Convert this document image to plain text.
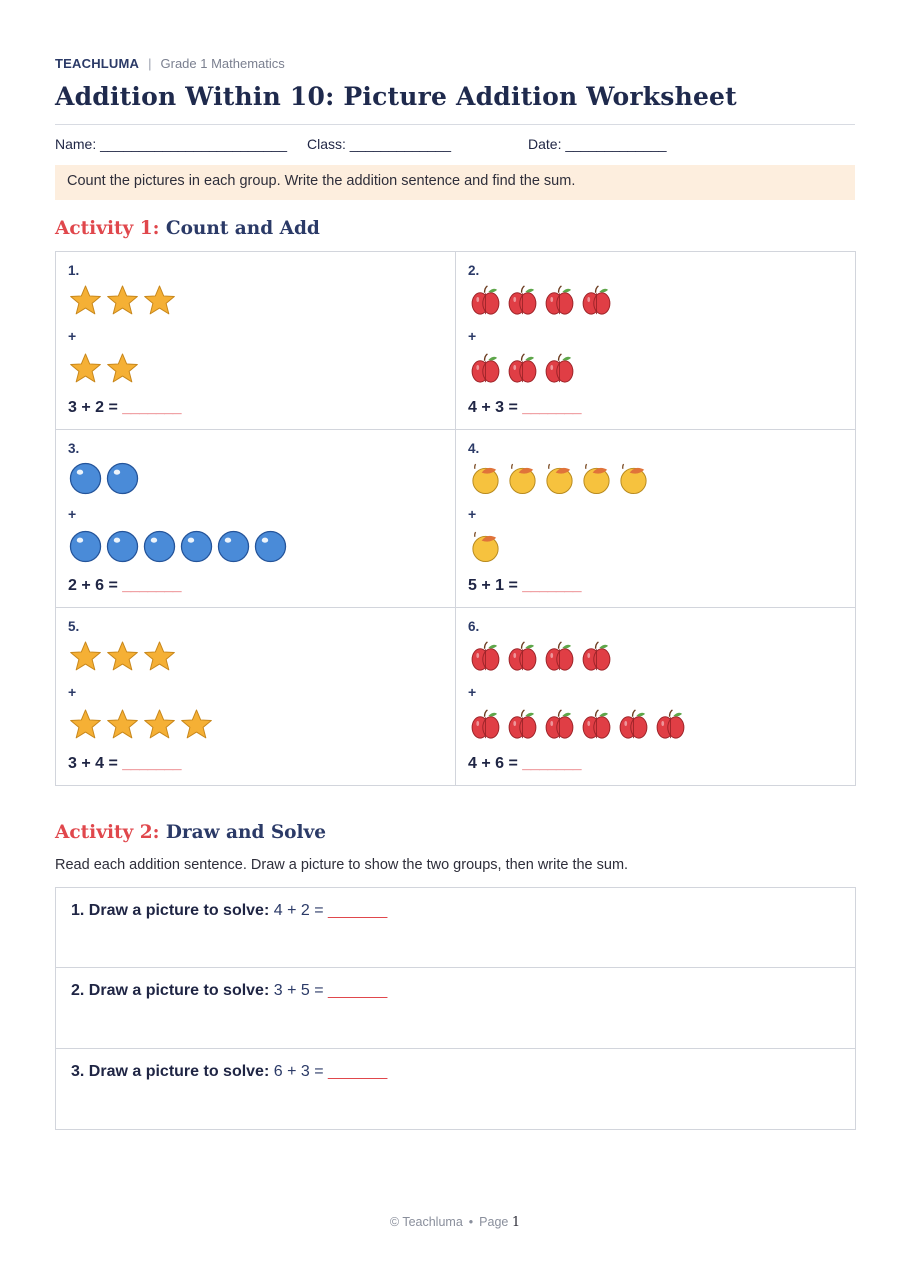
TEACHLUMA | Grade 1 Mathematics
Addition Within 10: Picture Addition Worksheet
Name: ________________________ Class: _____________	Date: _____________
Count the pictures in each group. Write the addition sentence and find the sum.
Activity 1: Count and Add
1.
+
3 + 2 = _______
2.
+
4 + 3 = _______
3.
+
2 + 6 = _______
4.
+
5 + 1 = _______
5.
+
3 + 4 = _______
6.
+
4 + 6 = _______
Activity 2: Draw and Solve
Read each addition sentence. Draw a picture to show the two groups, then write the sum.
1. Draw a picture to solve: 4 + 2 = _______
2. Draw a picture to solve: 3 + 5 = _______
3. Draw a picture to solve: 6 + 3 = _______
© Teachluma • Page 1
